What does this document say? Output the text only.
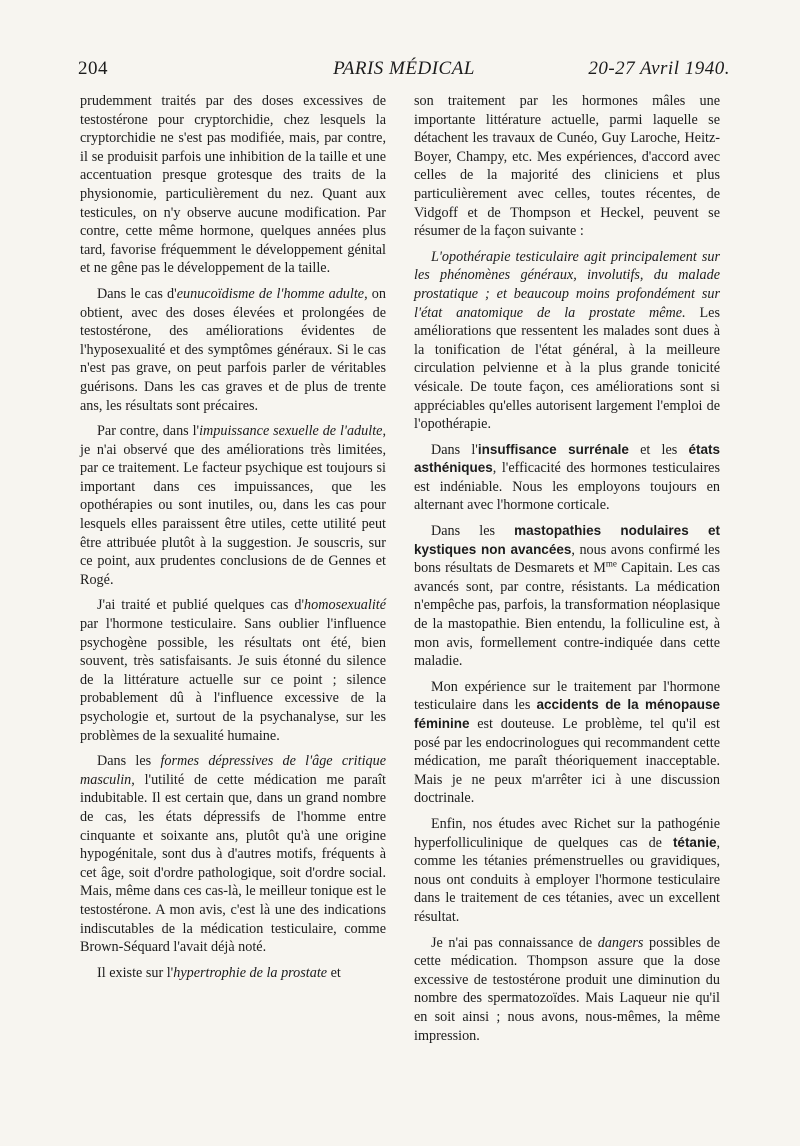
204	PARIS MÉDICAL	20-27 Avril 1940.

prudemment traités par des doses excessives de testostérone pour cryptorchidie, chez lesquels la cryptorchidie ne s'est pas modifiée, mais, par contre, il se produisit parfois une inhibition de la taille et une accentuation presque grotesque des traits de la physionomie, particulièrement du nez. Quant aux testicules, on n'y observe aucune modification. Par contre, cette même hormone, quelques années plus tard, favorise fréquemment le développement génital et ne gêne pas le développement de la taille.

Dans le cas d'eunucoïdisme de l'homme adulte, on obtient, avec des doses élevées et prolongées de testostérone, des améliorations évidentes de l'hyposexualité et des symptômes généraux. Si le cas n'est pas grave, on peut parfois parler de véritables guérisons. Dans les cas graves et de plus de trente ans, les résultats sont précaires.

Par contre, dans l'impuissance sexuelle de l'adulte, je n'ai observé que des améliorations très limitées, par ce traitement. Le facteur psychique est toujours si important dans ces impuissances, que les opothérapies ou sont inutiles, ou, dans les cas pour lesquels elles paraissent être utiles, cette utilité peut être attribuée plutôt à la suggestion. Je souscris, sur ce point, aux prudentes conclusions de de Gennes et Rogé.

J'ai traité et publié quelques cas d'homosexualité par l'hormone testiculaire. Sans oublier l'influence psychogène possible, les résultats ont été, bien souvent, très satisfaisants. Je suis étonné du silence de la littérature actuelle sur ce point ; silence probablement dû à l'influence excessive de la psychologie et, surtout de la psychanalyse, sur les problèmes de la sexualité humaine.

Dans les formes dépressives de l'âge critique masculin, l'utilité de cette médication me paraît indubitable. Il est certain que, dans un grand nombre de cas, les états dépressifs de l'homme entre cinquante et soixante ans, plutôt qu'à une origine hypogénitale, sont dus à d'autres motifs, fréquents à cet âge, soit d'ordre pathologique, soit d'ordre social. Mais, même dans ces cas-là, le meilleur tonique est le testostérone. A mon avis, c'est là une des indications indiscutables de la médication testiculaire, comme Brown-Séquard l'avait déjà noté.

Il existe sur l'hypertrophie de la prostate et

son traitement par les hormones mâles une importante littérature actuelle, parmi laquelle se détachent les travaux de Cunéo, Guy Laroche, Heitz-Boyer, Champy, etc. Mes expériences, d'accord avec celles de la majorité des cliniciens et plus particulièrement avec celles, toutes récentes, de Vidgoff et de Thompson et Heckel, peuvent se résumer de la façon suivante :

L'opothérapie testiculaire agit principalement sur les phénomènes généraux, involutifs, du malade prostatique ; et beaucoup moins profondément sur l'état anatomique de la prostate même. Les améliorations que ressentent les malades sont dues à la tonification de l'état général, à la meilleure circulation pelvienne et à la plus grande tonicité vésicale. De toute façon, ces améliorations sont si appréciables qu'elles autorisent largement l'emploi de l'opothérapie.

Dans l'insuffisance surrénale et les états asthéniques, l'efficacité des hormones testiculaires est indéniable. Nous les employons toujours en alternant avec l'hormone corticale.

Dans les mastopathies nodulaires et kystiques non avancées, nous avons confirmé les bons résultats de Desmarets et $M^{me}$ Capitain. Les cas avancés sont, par contre, résistants. La médication n'empêche pas, parfois, la transformation néoplasique de la mastopathie. Bien entendu, la folliculine est, à mon avis, formellement contre-indiquée dans cette maladie.

Mon expérience sur le traitement par l'hormone testiculaire dans les accidents de la ménopause féminine est douteuse. Le problème, tel qu'il est posé par les endocrinologues qui recommandent cette médication, me paraît théoriquement inacceptable. Mais je ne peux m'arrêter ici à une discussion doctrinale.

Enfin, nos études avec Richet sur la pathogénie hyperfolliculinique de quelques cas de tétanie, comme les tétanies prémenstruelles ou gravidiques, nous ont conduits à employer l'hormone testiculaire dans le traitement de ces tétanies, avec un excellent résultat.

Je n'ai pas connaissance de dangers possibles de cette médication. Thompson assure que la dose excessive de testostérone produit une diminution du nombre des spermatozoïdes. Mais Laqueur nie qu'il en soit ainsi ; nous avons, nous-mêmes, la même impression.
